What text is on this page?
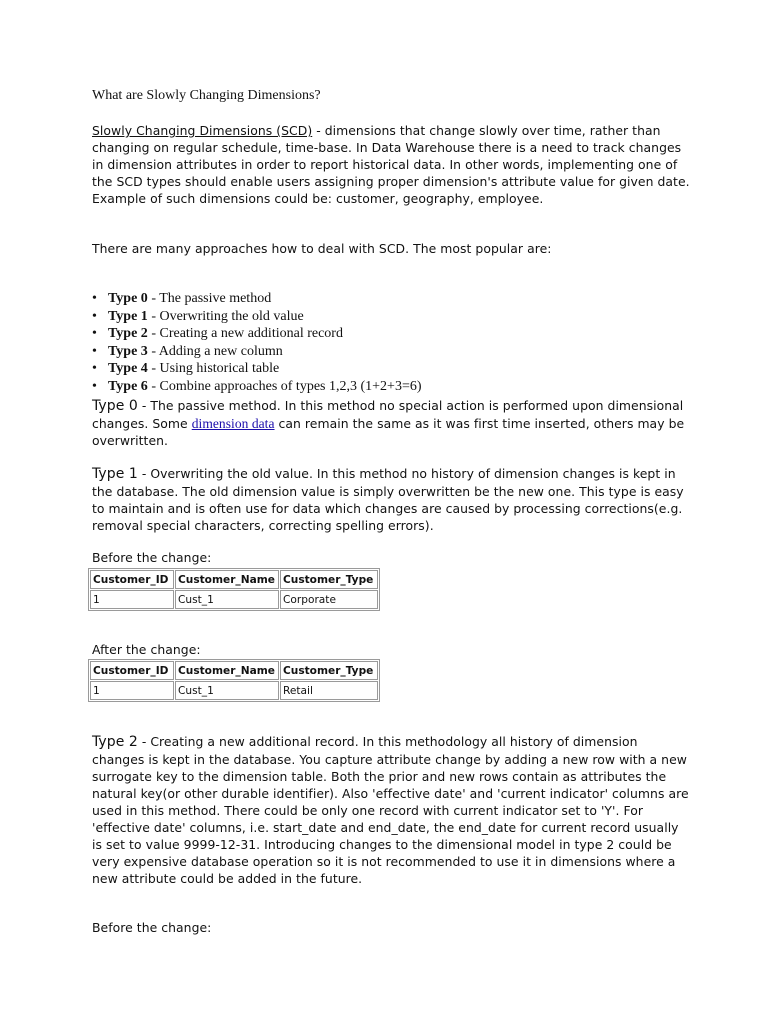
What are Slowly Changing Dimensions?

Slowly Changing Dimensions (SCD) - dimensions that change slowly over time, rather than changing on regular schedule, time-base. In Data Warehouse there is a need to track changes in dimension attributes in order to report historical data. In other words, implementing one of the SCD types should enable users assigning proper dimension's attribute value for given date. Example of such dimensions could be: customer, geography, employee.

There are many approaches how to deal with SCD. The most popular are:

• Type 0 - The passive method
• Type 1 - Overwriting the old value
• Type 2 - Creating a new additional record
• Type 3 - Adding a new column
• Type 4 - Using historical table
• Type 6 - Combine approaches of types 1,2,3 (1+2+3=6)

Type 0 - The passive method. In this method no special action is performed upon dimensional changes. Some dimension data can remain the same as it was first time inserted, others may be overwritten.

Type 1 - Overwriting the old value. In this method no history of dimension changes is kept in the database. The old dimension value is simply overwritten be the new one. This type is easy to maintain and is often use for data which changes are caused by processing corrections(e.g. removal special characters, correcting spelling errors).

Before the change:

Customer_ID	Customer_Name	Customer_Type
1	Cust_1	Corporate

After the change:

Customer_ID	Customer_Name	Customer_Type
1	Cust_1	Retail

Type 2 - Creating a new additional record. In this methodology all history of dimension changes is kept in the database. You capture attribute change by adding a new row with a new surrogate key to the dimension table. Both the prior and new rows contain as attributes the natural key(or other durable identifier). Also 'effective date' and 'current indicator' columns are used in this method. There could be only one record with current indicator set to 'Y'. For 'effective date' columns, i.e. start_date and end_date, the end_date for current record usually is set to value 9999-12-31. Introducing changes to the dimensional model in type 2 could be very expensive database operation so it is not recommended to use it in dimensions where a new attribute could be added in the future.

Before the change:
